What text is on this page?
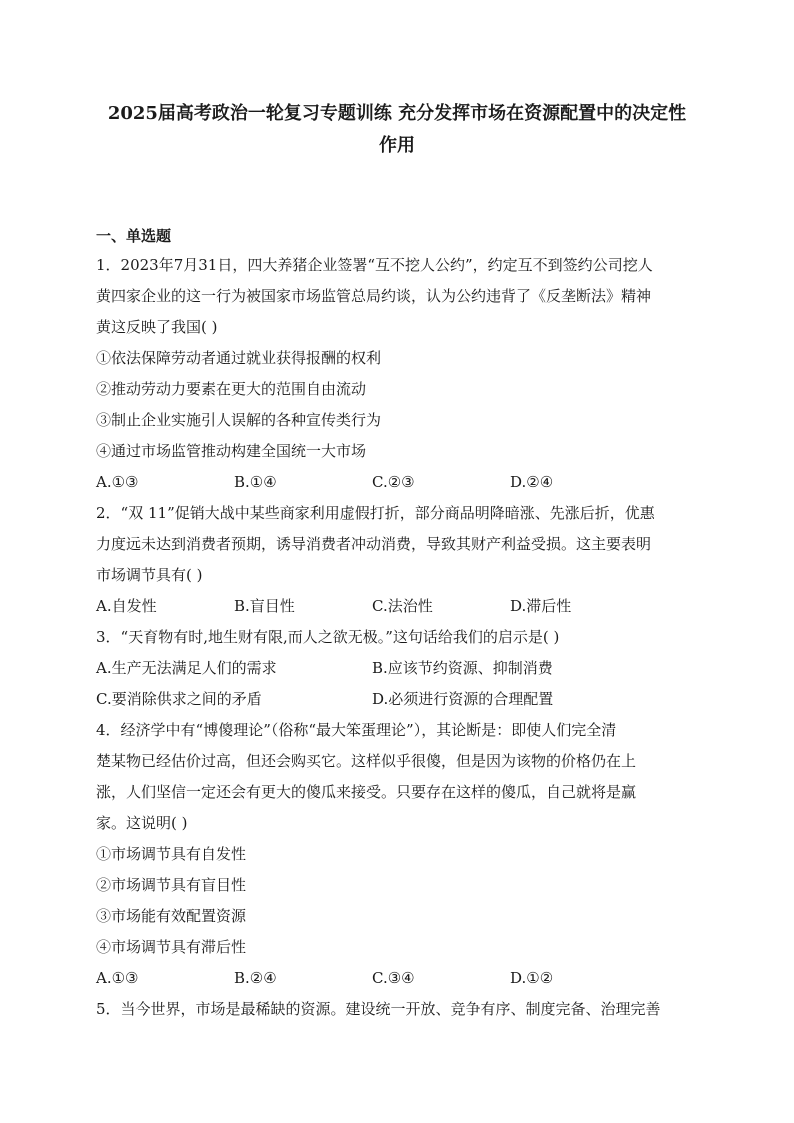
2025届高考政治一轮复习专题训练 充分发挥市场在资源配置中的决定性
作用
一、单选题
1．2023年7月31日，四大养猪企业签署“互不挖人公约”，约定互不到签约公司挖人
黄四家企业的这一行为被国家市场监管总局约谈，认为公约违背了《反垄断法》精神
黄这反映了我国( )
①依法保障劳动者通过就业获得报酬的权利
②推动劳动力要素在更大的范围自由流动
③制止企业实施引人误解的各种宣传类行为
④通过市场监管推动构建全国统一大市场
A.①③	B.①④	C.②③	D.②④
2．“双 11”促销大战中某些商家利用虚假打折，部分商品明降暗涨、先涨后折，优惠
力度远未达到消费者预期，诱导消费者冲动消费，导致其财产利益受损。这主要表明
市场调节具有( )
A.自发性	B.盲目性	C.法治性	D.滞后性
3．“天育物有时,地生财有限,而人之欲无极。”这句话给我们的启示是( )
A.生产无法满足人们的需求	B.应该节约资源、抑制消费
C.要消除供求之间的矛盾	D.必须进行资源的合理配置
4．经济学中有“博傻理论”（俗称“最大笨蛋理论”），其论断是：即使人们完全清
楚某物已经估价过高，但还会购买它。这样似乎很傻，但是因为该物的价格仍在上
涨，人们坚信一定还会有更大的傻瓜来接受。只要存在这样的傻瓜，自己就将是赢
家。这说明( )
①市场调节具有自发性
②市场调节具有盲目性
③市场能有效配置资源
④市场调节具有滞后性
A.①③	B.②④	C.③④	D.①②
5．当今世界，市场是最稀缺的资源。建设统一开放、竞争有序、制度完备、治理完善
